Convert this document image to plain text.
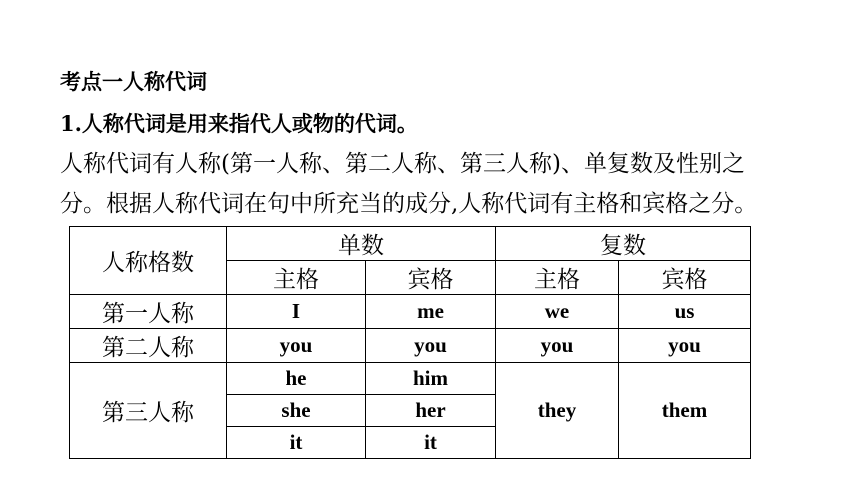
考点一人称代词
1.人称代词是用来指代人或物的代词。
人称代词有人称(第一人称、第二人称、第三人称)、单复数及性别之
分。根据人称代词在句中所充当的成分,人称代词有主格和宾格之分。
人称格数	单数		复数	
	主格	宾格	主格	宾格
第一人称	I	me	we	us
第二人称	you	you	you	you
第三人称	he	him	they	them
	she	her		
	it	it		
